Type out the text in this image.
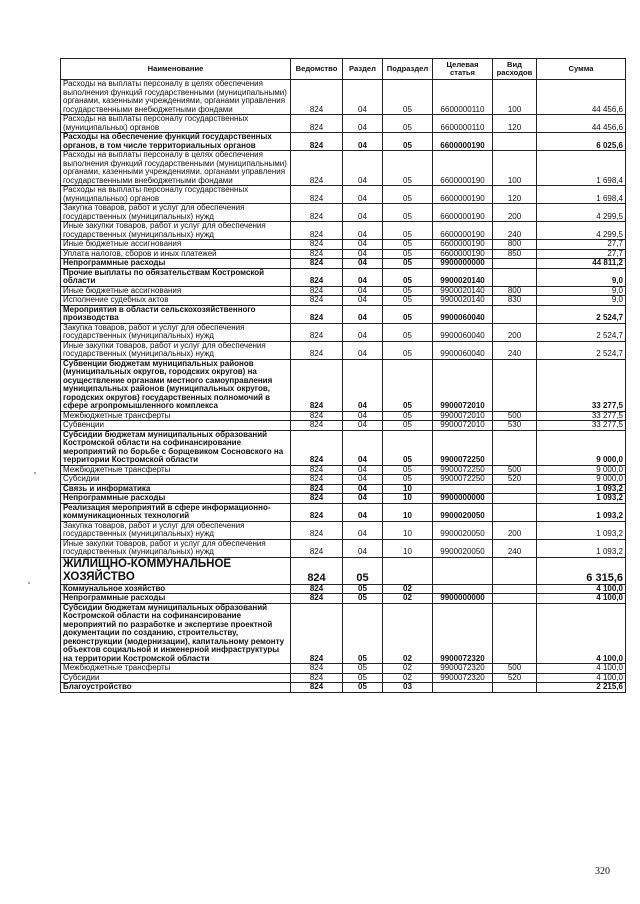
Наименование	Ведомство	Раздел	Подраздел	Целевая статья	Вид расходов	Сумма
Расходы на выплаты персоналу в целях обеспечения выполнения функций государственными (муниципальными) органами, казенными учреждениями, органами управления государственными внебюджетными фондами	824	04	05	6600000110	100	44 456,6
Расходы на выплаты персоналу государственных (муниципальных) органов	824	04	05	6600000110	120	44 456,6
Расходы на обеспечение функций государственных органов, в том числе территориальных органов	824	04	05	6600000190		6 025,6
Расходы на выплаты персоналу в целях обеспечения выполнения функций государственными (муниципальными) органами, казенными учреждениями, органами управления государственными внебюджетными фондами	824	04	05	6600000190	100	1 698,4
Расходы на выплаты персоналу государственных (муниципальных) органов	824	04	05	6600000190	120	1 698,4
Закупка товаров, работ и услуг для обеспечения государственных (муниципальных) нужд	824	04	05	6600000190	200	4 299,5
Иные закупки товаров, работ и услуг для обеспечения государственных (муниципальных) нужд	824	04	05	6600000190	240	4 299,5
Иные бюджетные ассигнования	824	04	05	6600000190	800	27,7
Уплата налогов, сборов и иных платежей	824	04	05	6600000190	850	27,7
Непрограммные расходы	824	04	05	9900000000		44 811,2
Прочие выплаты по обязательствам Костромской области	824	04	05	9900020140		9,0
Иные бюджетные ассигнования	824	04	05	9900020140	800	9,0
Исполнение судебных актов	824	04	05	9900020140	830	9,0
Мероприятия в области сельскохозяйственного производства	824	04	05	9900060040		2 524,7
Закупка товаров, работ и услуг для обеспечения государственных (муниципальных) нужд	824	04	05	9900060040	200	2 524,7
Иные закупки товаров, работ и услуг для обеспечения государственных (муниципальных) нужд	824	04	05	9900060040	240	2 524,7
Субвенции бюджетам муниципальных районов (муниципальных округов, городских округов) на осуществление органами местного самоуправления муниципальных районов (муниципальных округов, городских округов) государственных полномочий в сфере агропромышленного комплекса	824	04	05	9900072010		33 277,5
Межбюджетные трансферты	824	04	05	9900072010	500	33 277,5
Субвенции	824	04	05	9900072010	530	33 277,5
Субсидии бюджетам муниципальных образований Костромской области на софинансирование мероприятий по борьбе с борщевиком Сосновского на территории Костромской области	824	04	05	9900072250		9 000,0
Межбюджетные трансферты	824	04	05	9900072250	500	9 000,0
Субсидии	824	04	05	9900072250	520	9 000,0
Связь и информатика	824	04	10			1 093,2
Непрограммные расходы	824	04	10	9900000000		1 093,2
Реализация мероприятий в сфере информационно-коммуникационных технологий	824	04	10	9900020050		1 093,2
Закупка товаров, работ и услуг для обеспечения государственных (муниципальных) нужд	824	04	10	9900020050	200	1 093,2
Иные закупки товаров, работ и услуг для обеспечения государственных (муниципальных) нужд	824	04	10	9900020050	240	1 093,2
ЖИЛИЩНО-КОММУНАЛЬНОЕ ХОЗЯЙСТВО	824	05				6 315,6
Коммунальное хозяйство	824	05	02			4 100,0
Непрограммные расходы	824	05	02	9900000000		4 100,0
Субсидии бюджетам муниципальных образований Костромской области на софинансирование мероприятий по разработке и экспертизе проектной документации по созданию, строительству, реконструкции (модернизации), капитальному ремонту объектов социальной и инженерной инфраструктуры на территории Костромской области	824	05	02	9900072320		4 100,0
Межбюджетные трансферты	824	05	02	9900072320	500	4 100,0
Субсидии	824	05	02	9900072320	520	4 100,0
Благоустройство	824	05	03			2 215,6
320
